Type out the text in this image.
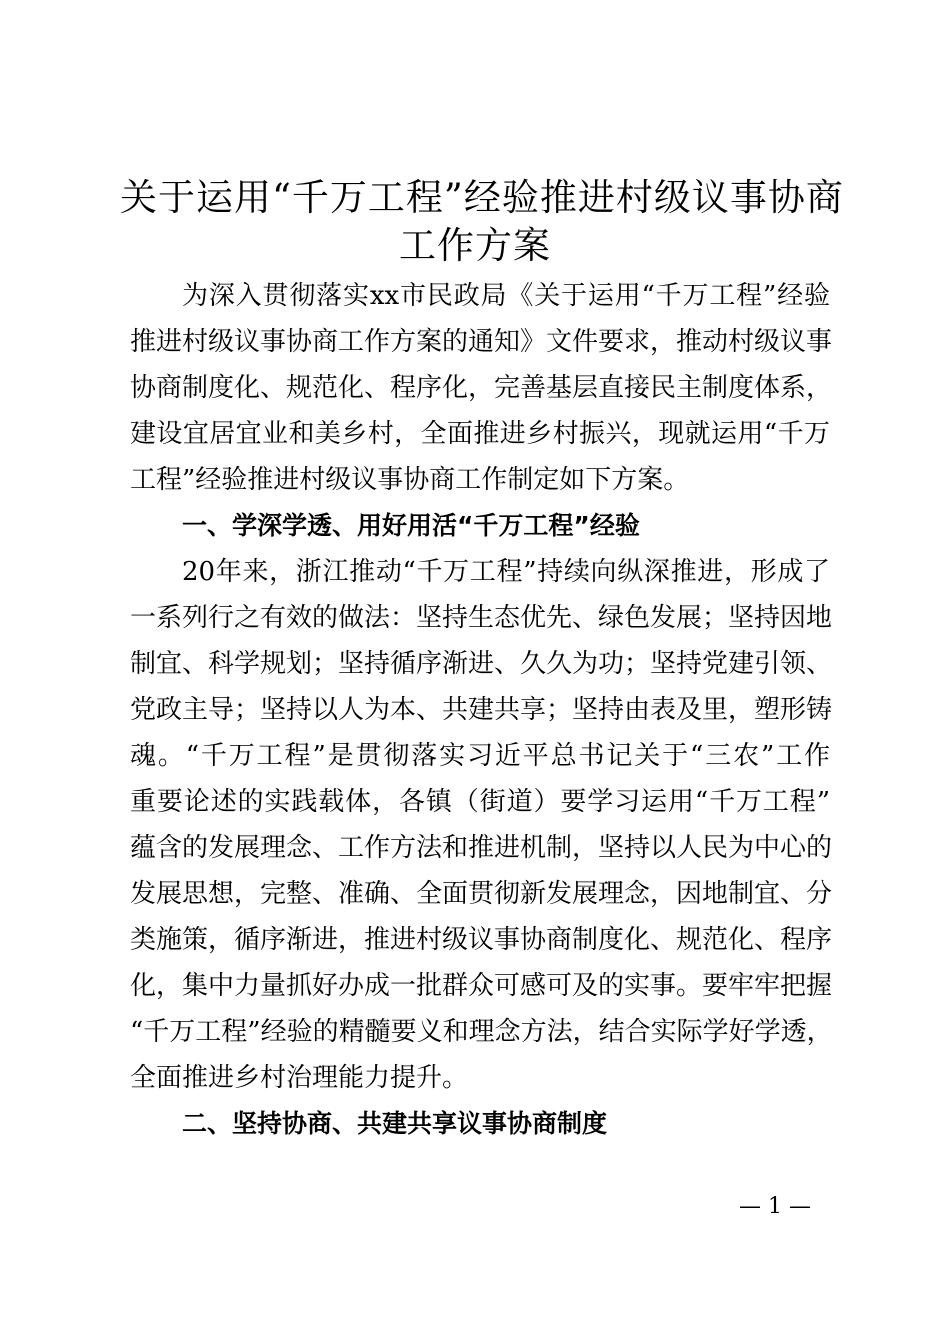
关于运用“千万工程”经验推进村级议事协商
工作方案
为深入贯彻落实xx市民政局《关于运用“千万工程”经验
推进村级议事协商工作方案的通知》文件要求，推动村级议事
协商制度化、规范化、程序化，完善基层直接民主制度体系，
建设宜居宜业和美乡村，全面推进乡村振兴，现就运用“千万
工程”经验推进村级议事协商工作制定如下方案。
一、学深学透、用好用活“千万工程”经验
20年来，浙江推动“千万工程”持续向纵深推进，形成了
一系列行之有效的做法：坚持生态优先、绿色发展；坚持因地
制宜、科学规划；坚持循序渐进、久久为功；坚持党建引领、
党政主导；坚持以人为本、共建共享；坚持由表及里，塑形铸
魂。“千万工程”是贯彻落实习近平总书记关于“三农”工作
重要论述的实践载体，各镇（街道）要学习运用“千万工程”
蕴含的发展理念、工作方法和推进机制，坚持以人民为中心的
发展思想，完整、准确、全面贯彻新发展理念，因地制宜、分
类施策，循序渐进，推进村级议事协商制度化、规范化、程序
化，集中力量抓好办成一批群众可感可及的实事。要牢牢把握
“千万工程”经验的精髓要义和理念方法，结合实际学好学透，
全面推进乡村治理能力提升。
二、坚持协商、共建共享议事协商制度
— 1 —
